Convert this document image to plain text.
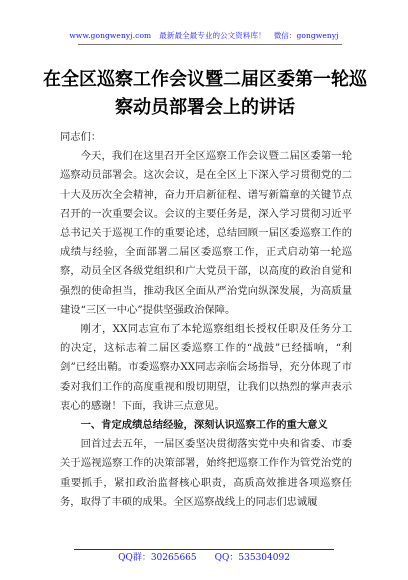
www.gongwenyj.com 最新最全最专业的公文资料库！ 微信：gongwenyj
在全区巡察工作会议暨二届区委第一轮巡察动员部署会上的讲话

同志们：

今天，我们在这里召开全区巡察工作会议暨二届区委第一轮巡察动员部署会。这次会议，是在全区上下深入学习贯彻党的二十大及历次全会精神，奋力开启新征程、谱写新篇章的关键节点召开的一次重要会议。会议的主要任务是，深入学习贯彻习近平总书记关于巡视工作的重要论述，总结回顾一届区委巡察工作的成绩与经验，全面部署二届区委巡察工作，正式启动第一轮巡察，动员全区各级党组织和广大党员干部，以高度的政治自觉和强烈的使命担当，推动我区全面从严治党向纵深发展，为高质量建设“三区一中心”提供坚强政治保障。

刚才，XX同志宣布了本轮巡察组组长授权任职及任务分工的决定，这标志着二届区委巡察工作的“战鼓”已经擂响，“利剑”已经出鞘。市委巡察办XX同志亲临会场指导，充分体现了市委对我们工作的高度重视和殷切期望，让我们以热烈的掌声表示衷心的感谢！下面，我讲三点意见。

一、肯定成绩总结经验，深刻认识巡察工作的重大意义

回首过去五年，一届区委坚决贯彻落实党中央和省委、市委关于巡视巡察工作的决策部署，始终把巡察工作作为管党治党的重要抓手，紧扣政治监督核心职责，高质高效推进各项巡察任务，取得了丰硕的成果。全区巡察战线上的同志们忠诚履

QQ群：30265665 QQ：535304092
